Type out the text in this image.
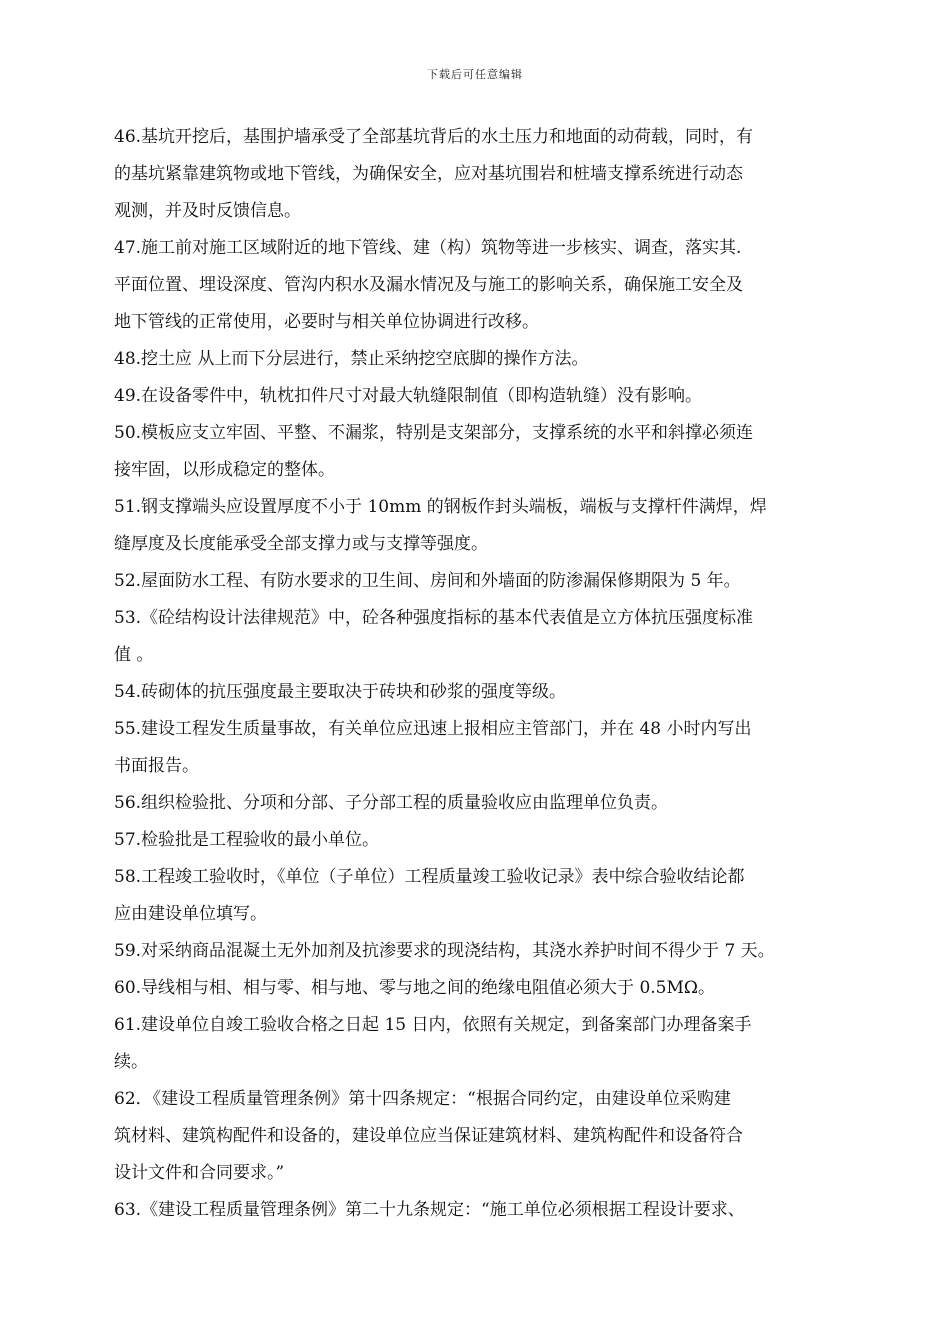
下载后可任意编辑
46.基坑开挖后，基围护墙承受了全部基坑背后的水土压力和地面的动荷载，同时，有
的基坑紧靠建筑物或地下管线，为确保安全，应对基坑围岩和桩墙支撑系统进行动态
观测，并及时反馈信息。
47.施工前对施工区域附近的地下管线、建（构）筑物等进一步核实、调查，落实其.
平面位置、埋设深度、管沟内积水及漏水情况及与施工的影响关系，确保施工安全及
地下管线的正常使用，必要时与相关单位协调进行改移。
48.挖土应 从上而下分层进行，禁止采纳挖空底脚的操作方法。
49.在设备零件中，轨枕扣件尺寸对最大轨缝限制值（即构造轨缝）没有影响。
50.模板应支立牢固、平整、不漏浆，特别是支架部分，支撑系统的水平和斜撑必须连
接牢固，以形成稳定的整体。
51.钢支撑端头应设置厚度不小于 10mm 的钢板作封头端板，端板与支撑杆件满焊，焊
缝厚度及长度能承受全部支撑力或与支撑等强度。
52.屋面防水工程、有防水要求的卫生间、房间和外墙面的防渗漏保修期限为 5 年。
53.《砼结构设计法律规范》中，砼各种强度指标的基本代表值是立方体抗压强度标准
值 。
54.砖砌体的抗压强度最主要取决于砖块和砂浆的强度等级。
55.建设工程发生质量事故，有关单位应迅速上报相应主管部门，并在 48 小时内写出
书面报告。
56.组织检验批、分项和分部、子分部工程的质量验收应由监理单位负责。
57.检验批是工程验收的最小单位。
58.工程竣工验收时，《单位（子单位）工程质量竣工验收记录》表中综合验收结论都
应由建设单位填写。
59.对采纳商品混凝土无外加剂及抗渗要求的现浇结构，其浇水养护时间不得少于 7 天。
60.导线相与相、相与零、相与地、零与地之间的绝缘电阻值必须大于 0.5MΩ。
61.建设单位自竣工验收合格之日起 15 日内，依照有关规定，到备案部门办理备案手
续。
62．《建设工程质量管理条例》第十四条规定：“根据合同约定，由建设单位采购建
筑材料、建筑构配件和设备的，建设单位应当保证建筑材料、建筑构配件和设备符合
设计文件和合同要求。”
63.《建设工程质量管理条例》第二十九条规定：“施工单位必须根据工程设计要求、
